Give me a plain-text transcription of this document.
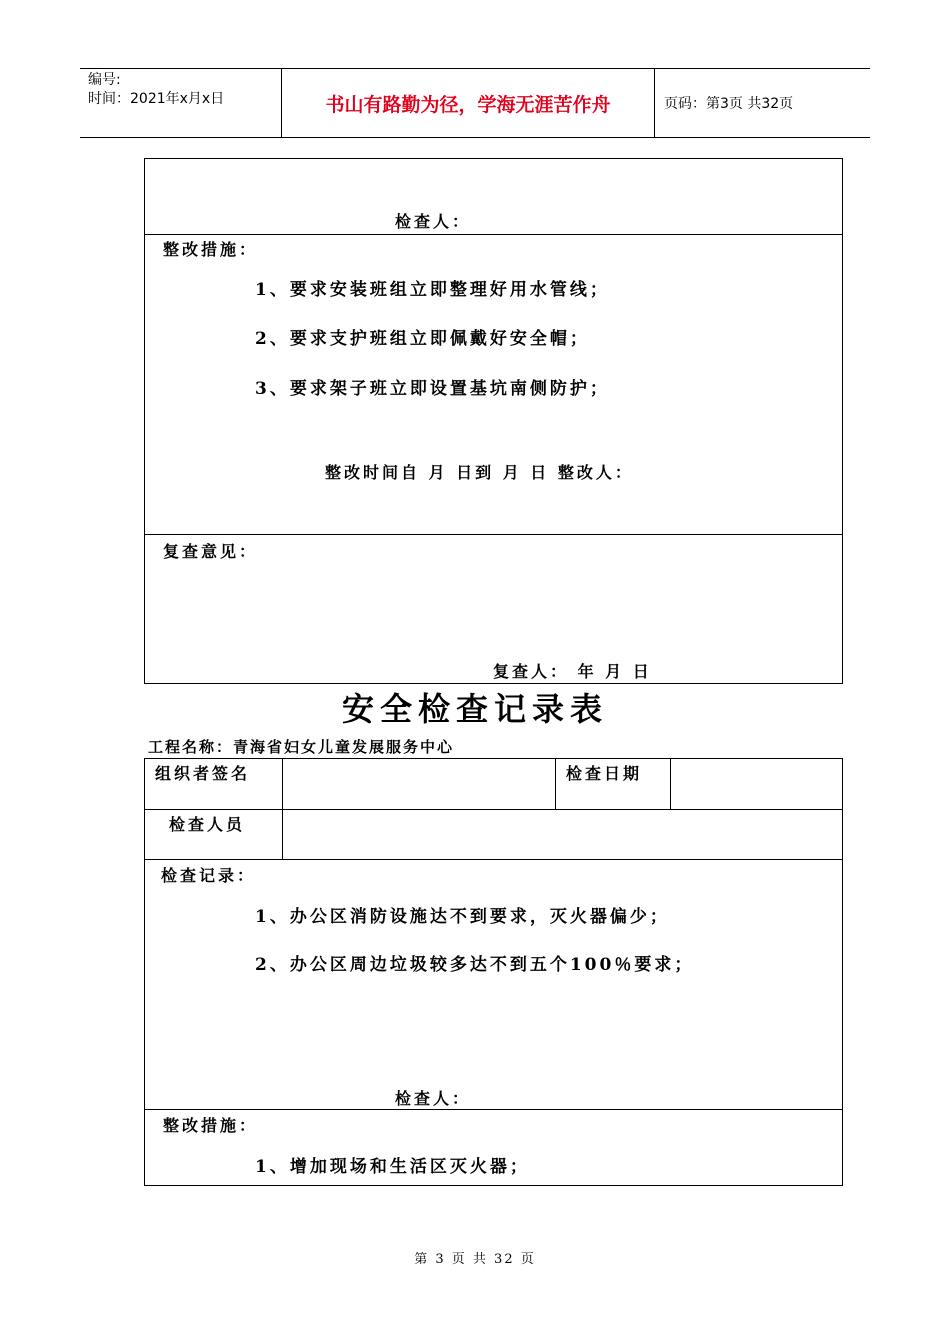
编号:
时间：2021年x月x日	书山有路勤为径，学海无涯苦作舟	页码：第3页 共32页
检查人：
整改措施：
1、要求安装班组立即整理好用水管线；
2、要求支护班组立即佩戴好安全帽；
3、要求架子班立即设置基坑南侧防护；
整改时间自 月 日到 月 日 整改人：
复查意见：
复查人： 年 月 日
安全检查记录表
工程名称：青海省妇女儿童发展服务中心
组织者签名	检查日期
检查人员
检查记录：
1、办公区消防设施达不到要求，灭火器偏少；
2、办公区周边垃圾较多达不到五个100％要求；
检查人：
整改措施：
1、增加现场和生活区灭火器；
第 3 页 共 32 页
